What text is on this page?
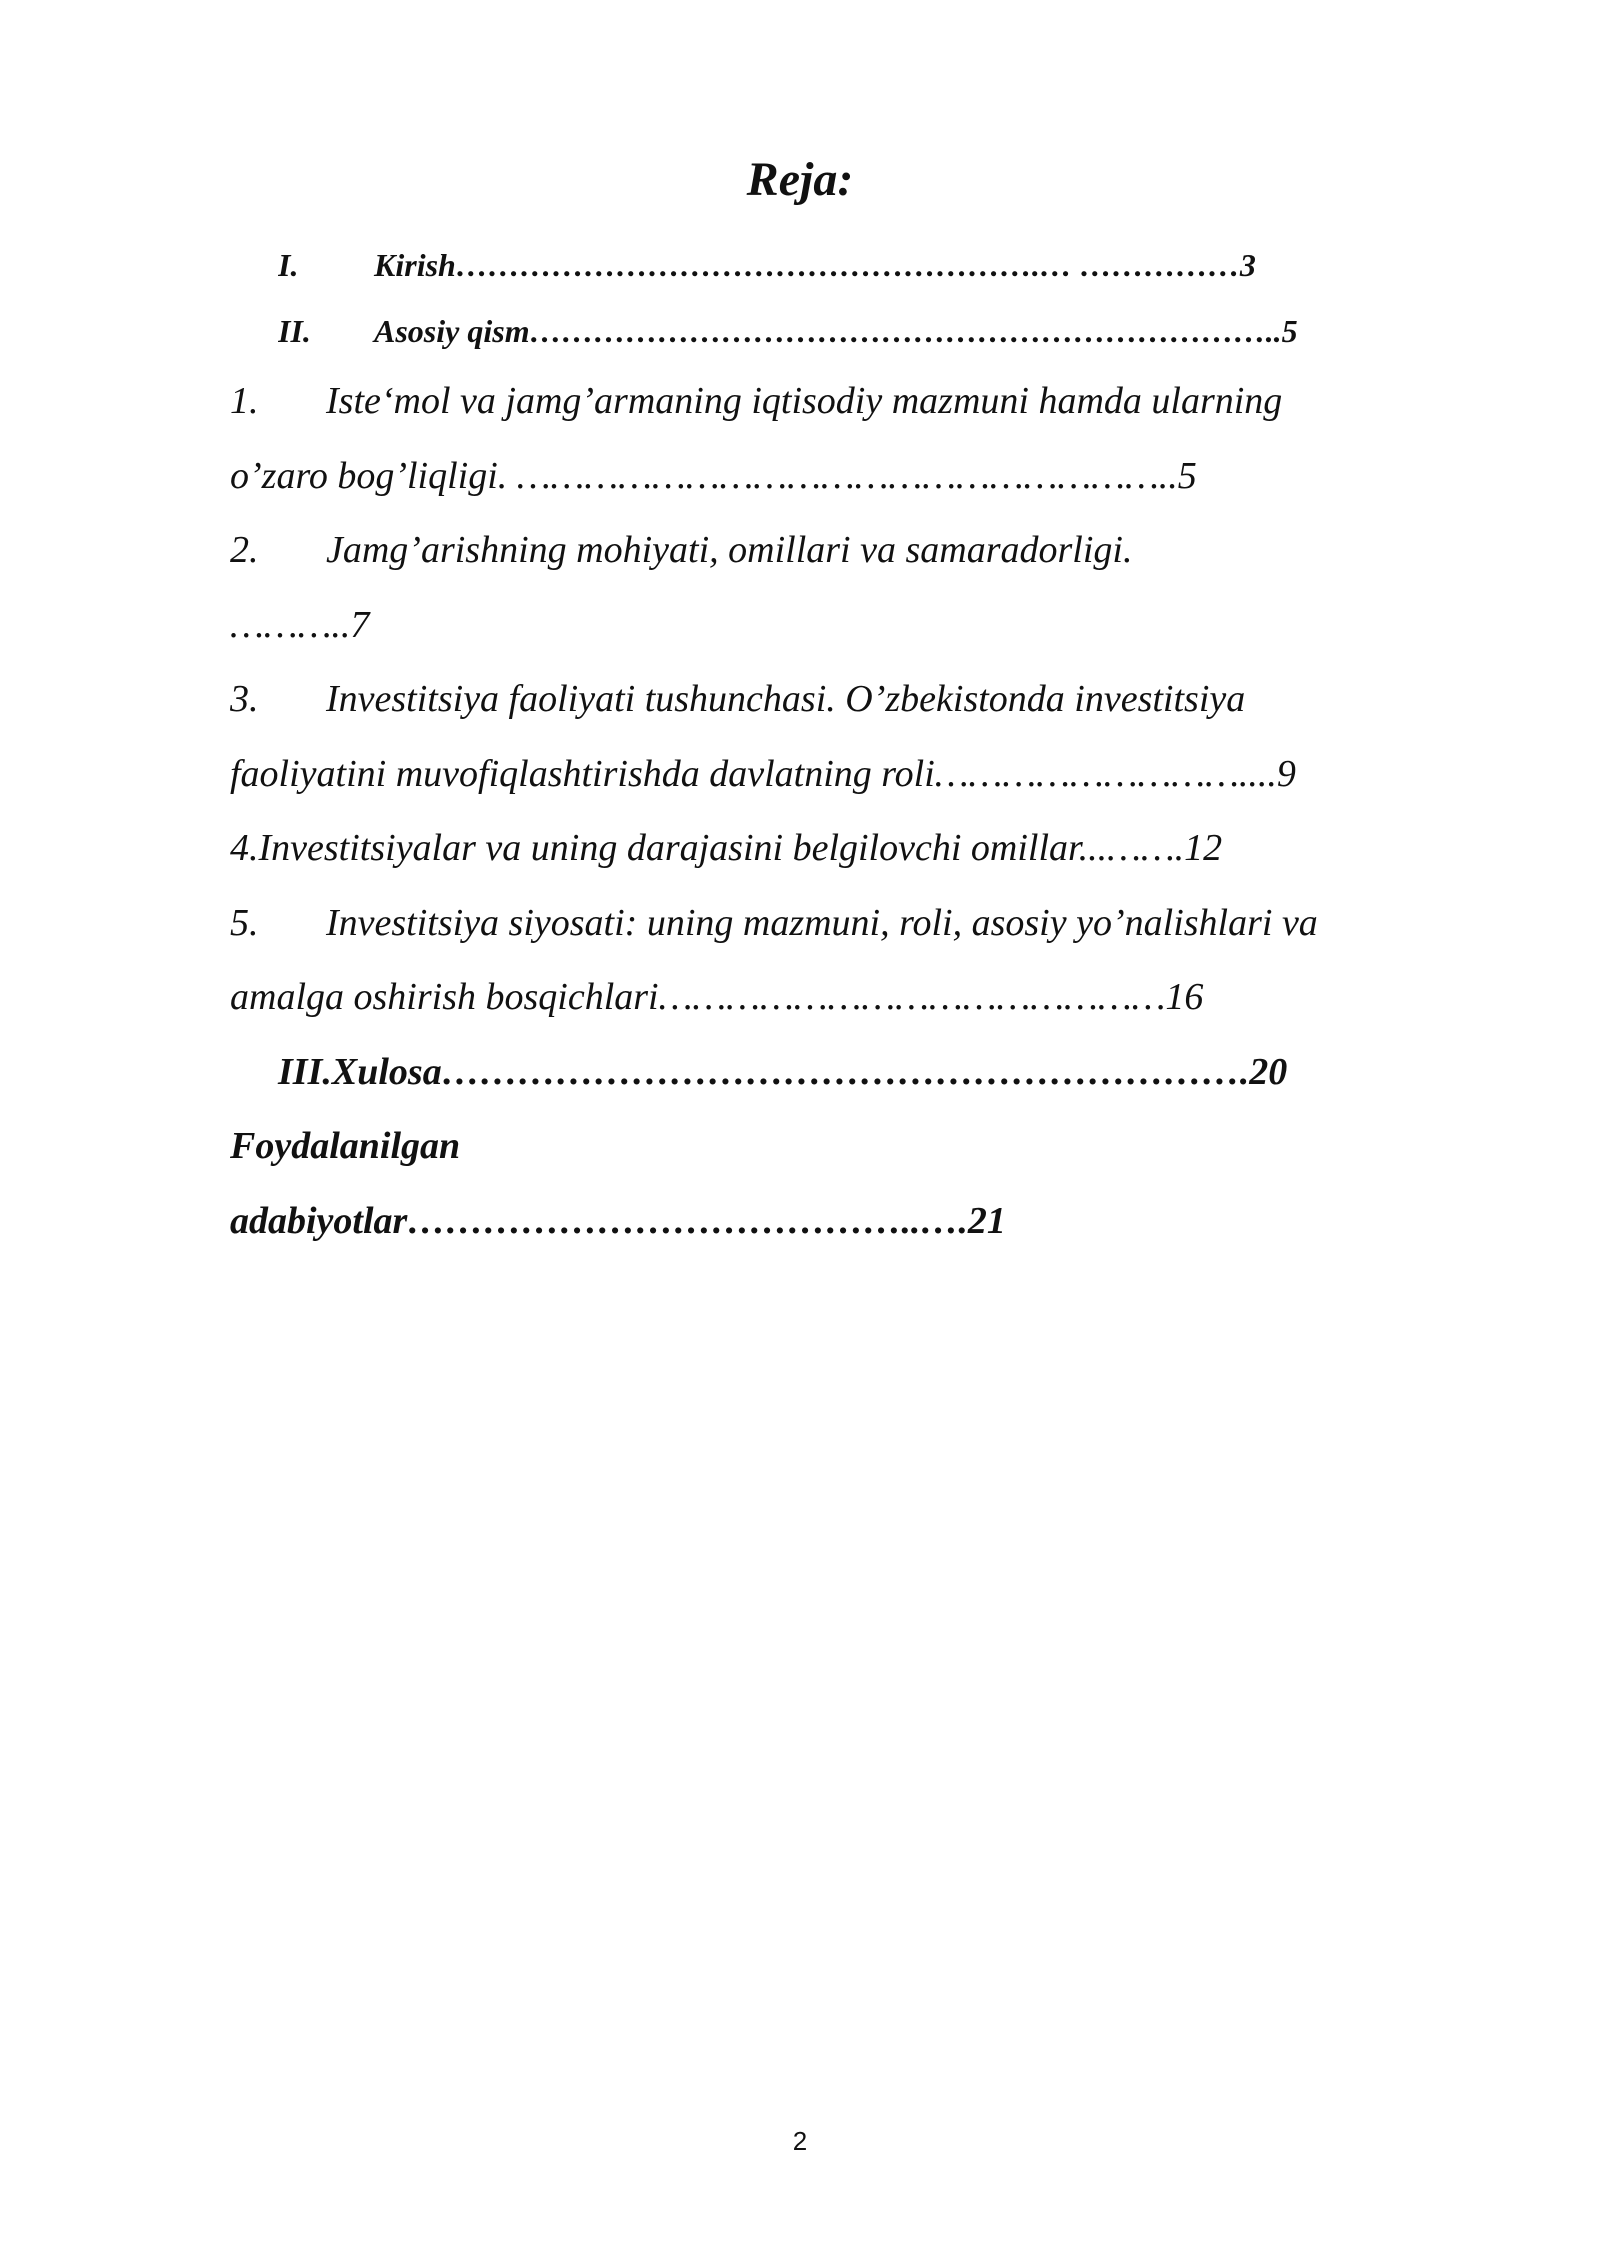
Reja:
I. Kirish……………………………………………….… ……………3
II. Asosiy qism……………………………………………………………..5
1. Iste‘mol va jamg’armaning iqtisodiy mazmuni hamda ularning
o’zaro bog’liqligi. …………………………………………………..5
2. Jamg’arishning mohiyati, omillari va samaradorligi.
………..7
3. Investitsiya faoliyati tushunchasi. O’zbekistonda investitsiya
faoliyatini muvofiqlashtirishda davlatning roli………………………....9
4.Investitsiyalar va uning darajasini belgilovchi omillar...…….12
5. Investitsiya siyosati: uning mazmuni, roli, asosiy yo’nalishlari va
amalga oshirish bosqichlari………………………………………16
III.Xulosa……………………………………………………….20
Foydalanilgan
adabiyotlar…………………………………..….21
2
